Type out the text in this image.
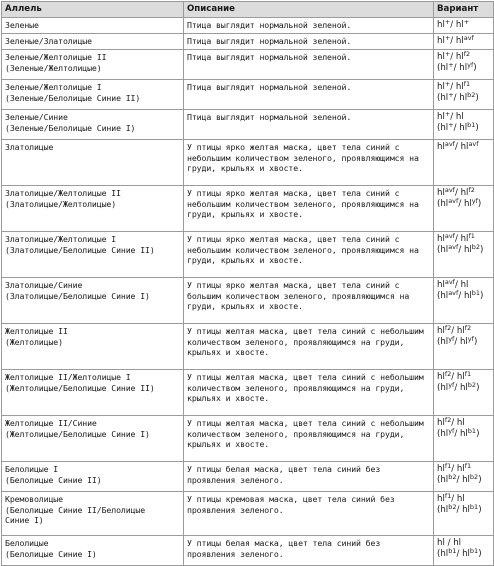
Аллель	Описание	Вариант

Зеленые	Птица выглядит нормальной зеленой.	hl+/ hl+

Зеленые/Златолицые	Птица выглядит нормальной зеленой.	hl+/ $hl^{avf}$

Зеленые/Желтолицые II
(Зеленые/Желтолицые)	Птица выглядит нормальной зеленой.	hl+/ $hl^{f2}$
(hl+/ $hl^{yf}$)

Зеленые/Желтолицые I
(Зеленые/Белолицые Синие II)	Птица выглядит нормальной зеленой.	hl+/ $hl^{f1}$
(hl+/ $hl^{b2}$)

Зеленые/Синие
(Зеленые/Белолицые Синие I)	Птица выглядит нормальной зеленой.	hl+/ hl
(hl+/ $hl^{b1}$)

Златолицые	У птицы ярко желтая маска, цвет тела синий с небольшим количеством зеленого, проявляющимся на груди, крыльях и хвосте.	$hl^{avf}/$ $hl^{avf}$

Златолицые/Желтолицые II
(Златолицые/Желтолицые)	У птицы ярко желтая маска, цвет тела синий с небольшим количеством зеленого, проявляющимся на груди, крыльях и хвосте.	$hl^{avf}/$ $hl^{f2}$
($hl^{avf}/$ $hl^{yf}$)

Златолицые/Желтолицые I
(Златолицые/Белолицые Синие II)	У птицы ярко желтая маска, цвет тела синий с небольшим количеством зеленого, проявляющимся на груди, крыльях и хвосте.	$hl^{avf}/$ $hl^{f1}$
($hl^{avf}/$ $hl^{b2}$)

Златолицые/Синие
(Златолицые/Белолицые Синие I)	У птицы ярко желтая маска, цвет тела синий с большим количеством зеленого, проявляющимся на груди, крыльях и хвосте.	$hl^{avf}/$ hl
($hl^{avf}/$ $hl^{b1}$)

Желтолицые II
(Желтолицые)	У птицы желтая маска, цвет тела синий с небольшим количеством зеленого, проявляющимся на груди, крыльях и хвосте.	$hl^{f2}/$ $hl^{f2}$
($hl^{yf}/$ $hl^{yf}$)

Желтолицые II/Желтолицые I
(Желтолицые/Белолицые Синие II)	У птицы желтая маска, цвет тела синий с небольшим количеством зеленого, проявляющимся на груди, крыльях и хвосте.	$hl^{f2}/$ $hl^{f1}$
($hl^{yf}/$ $hl^{b2}$)

Желтолицые II/Синие
(Желтолицые/Белолицые Синие I)	У птицы желтая маска, цвет тела синий с небольшим количеством зеленого, проявляющимся на груди, крыльях и хвосте.	$hl^{f2}/$ hl
($hl^{yf}/$ $hl^{b1}$)

Белолицые I
(Белолицые Синие II)	У птицы белая маска, цвет тела синий без проявления зеленого.	$hl^{f1}/$ $hl^{f1}$
($hl^{b2}/$ $hl^{b2}$)

Кремоволицые
(Белолицые Синие II/Белолицые
Синие I)	У птицы кремовая маска, цвет тела синий без проявления зеленого.	$hl^{f1}/$ hl
($hl^{b2}/$ $hl^{b1}$)

Белолицые
(Белолицые Синие I)	У птицы белая маска, цвет тела синий без проявления зеленого.	hl / hl
($hl^{b1}/$ $hl^{b1}$)
